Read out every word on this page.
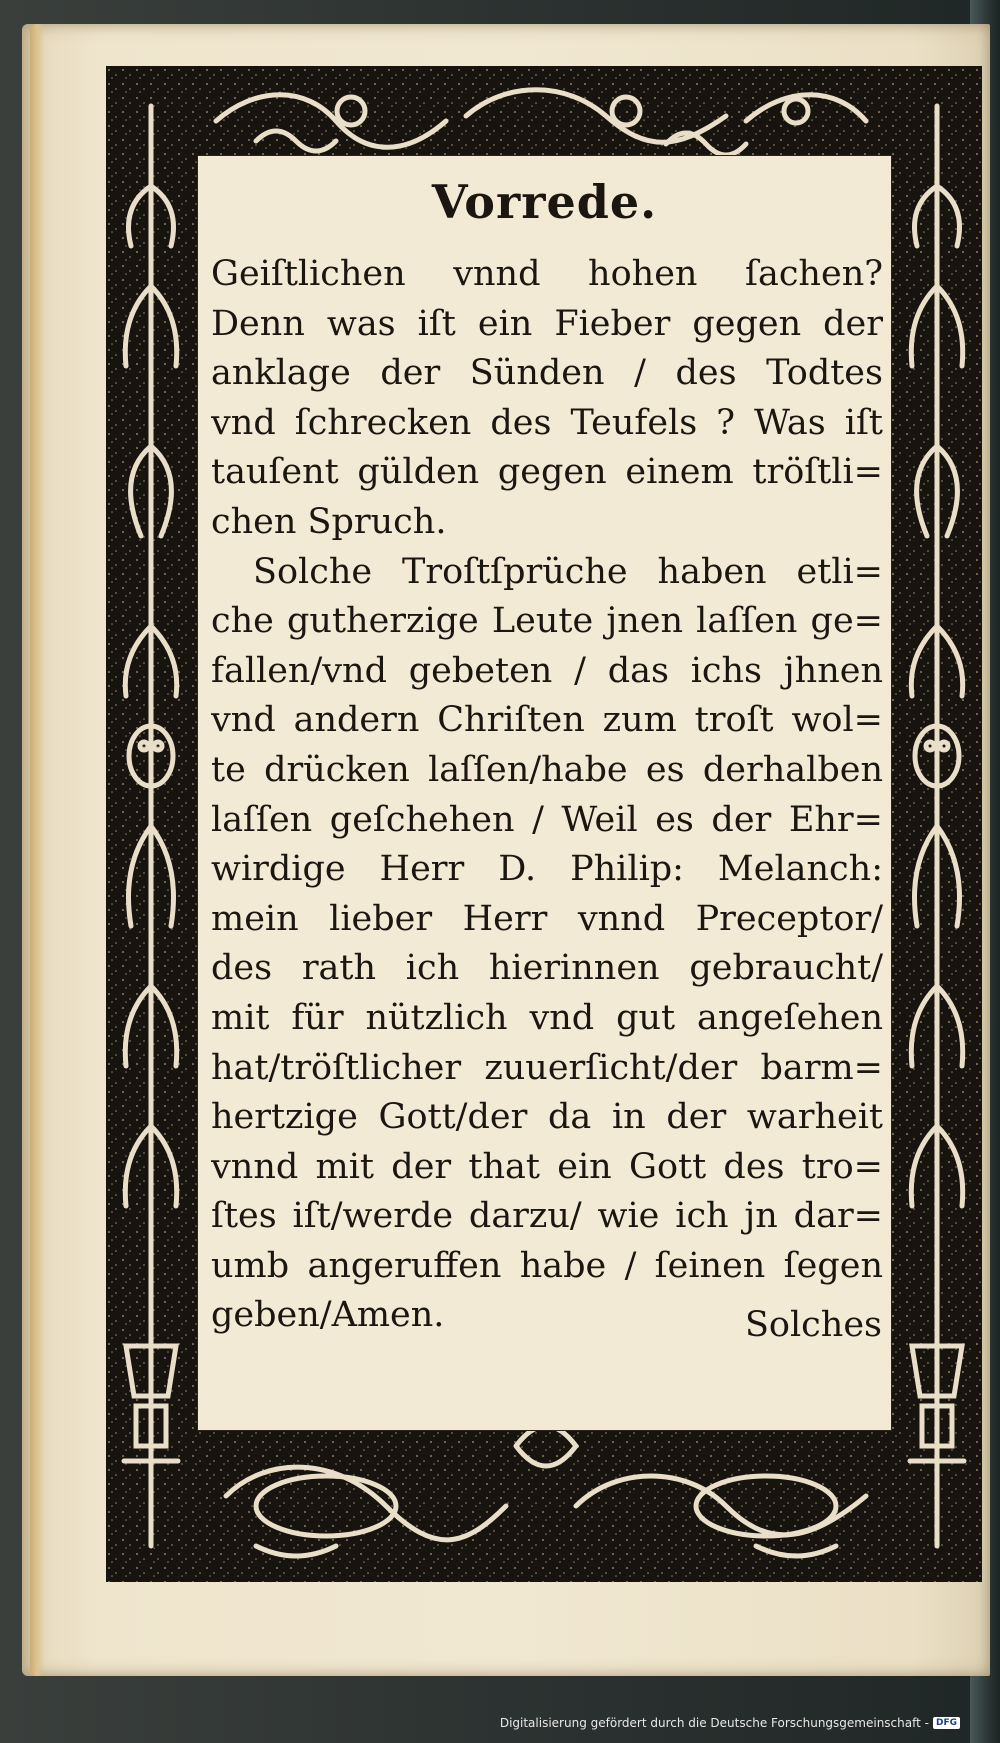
Vorrede.
Geiſtlichen vnnd hohen ſachen?
Denn was iſt ein Fieber gegen der
anklage der Sünden / des Todtes
vnd ſchrecken des Teufels ? Was iſt
tauſent gülden gegen einem tröſtli=
chen Spruch.
Solche Troſtſprüche haben etli=
che gutherzige Leute jnen laſſen ge=
fallen/vnd gebeten / das ichs jhnen
vnd andern Chriſten zum troſt wol=
te drücken laſſen/habe es derhalben
laſſen geſchehen / Weil es der Ehr=
wirdige Herr D. Philip: Melanch:
mein lieber Herr vnnd Preceptor/
des rath ich hierinnen gebraucht/
mit für nützlich vnd gut angeſehen
hat/tröſtlicher zuuerſicht/der barm=
hertzige Gott/der da in der warheit
vnnd mit der that ein Gott des tro=
ſtes iſt/werde darzu/ wie ich jn dar=
umb angeruffen habe / ſeinen ſegen
geben/Amen.	Solches
Digitalisierung gefördert durch die Deutsche Forschungsgemeinschaft - DFG
